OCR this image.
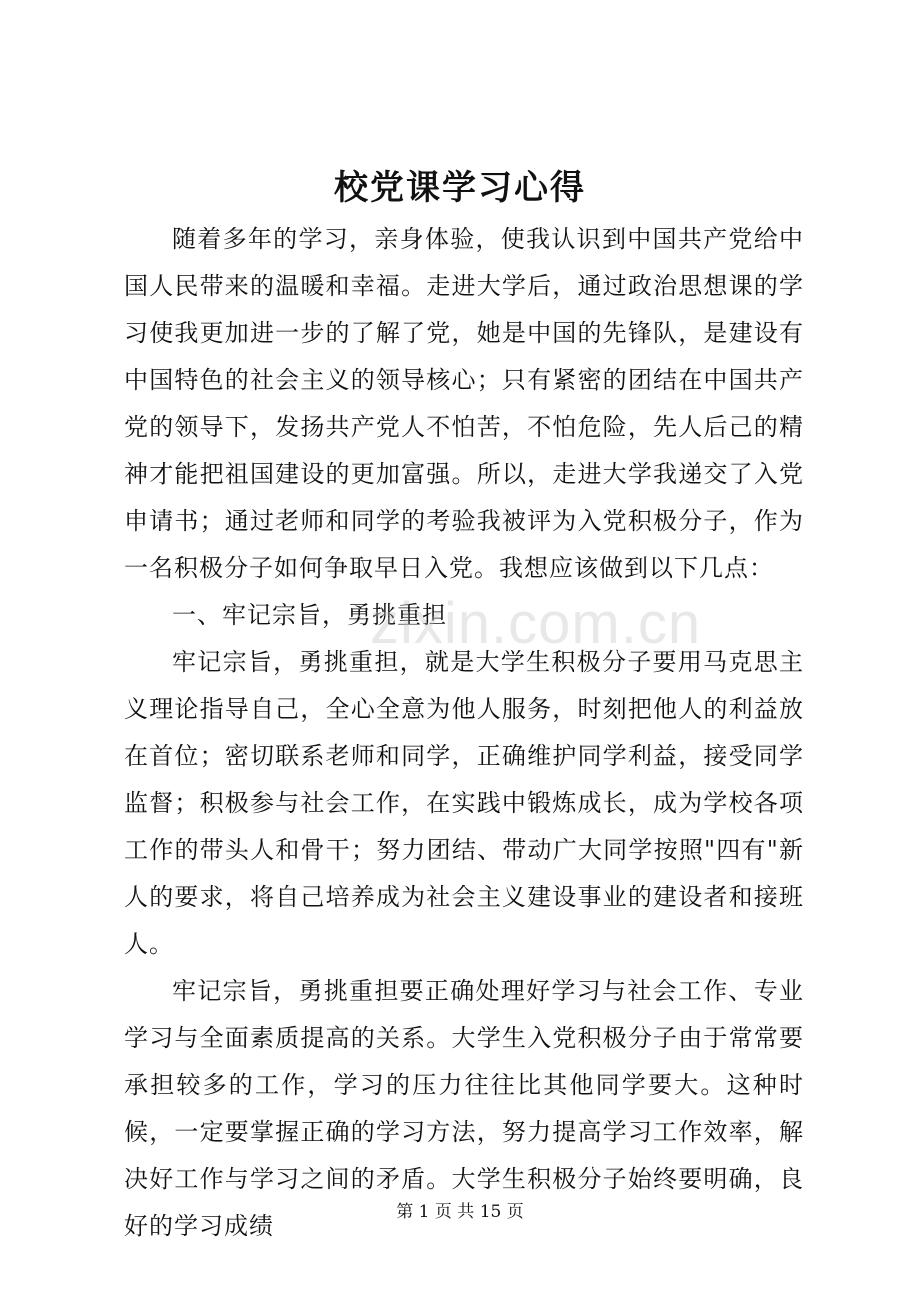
校党课学习心得

随着多年的学习，亲身体验，使我认识到中国共产党给中国人民带来的温暖和幸福。走进大学后，通过政治思想课的学习使我更加进一步的了解了党，她是中国的先锋队，是建设有中国特色的社会主义的领导核心；只有紧密的团结在中国共产党的领导下，发扬共产党人不怕苦，不怕危险，先人后己的精神才能把祖国建设的更加富强。所以，走进大学我递交了入党申请书；通过老师和同学的考验我被评为入党积极分子，作为一名积极分子如何争取早日入党。我想应该做到以下几点：

一、牢记宗旨，勇挑重担

牢记宗旨，勇挑重担，就是大学生积极分子要用马克思主义理论指导自己，全心全意为他人服务，时刻把他人的利益放在首位；密切联系老师和同学，正确维护同学利益，接受同学监督；积极参与社会工作，在实践中锻炼成长，成为学校各项工作的带头人和骨干；努力团结、带动广大同学按照"四有"新人的要求，将自己培养成为社会主义建设事业的建设者和接班人。

牢记宗旨，勇挑重担要正确处理好学习与社会工作、专业学习与全面素质提高的关系。大学生入党积极分子由于常常要承担较多的工作，学习的压力往往比其他同学要大。这种时候，一定要掌握正确的学习方法，努力提高学习工作效率，解决好工作与学习之间的矛盾。大学生积极分子始终要明确，良好的学习成绩

zixin.com.cn
第 1 页 共 15 页
